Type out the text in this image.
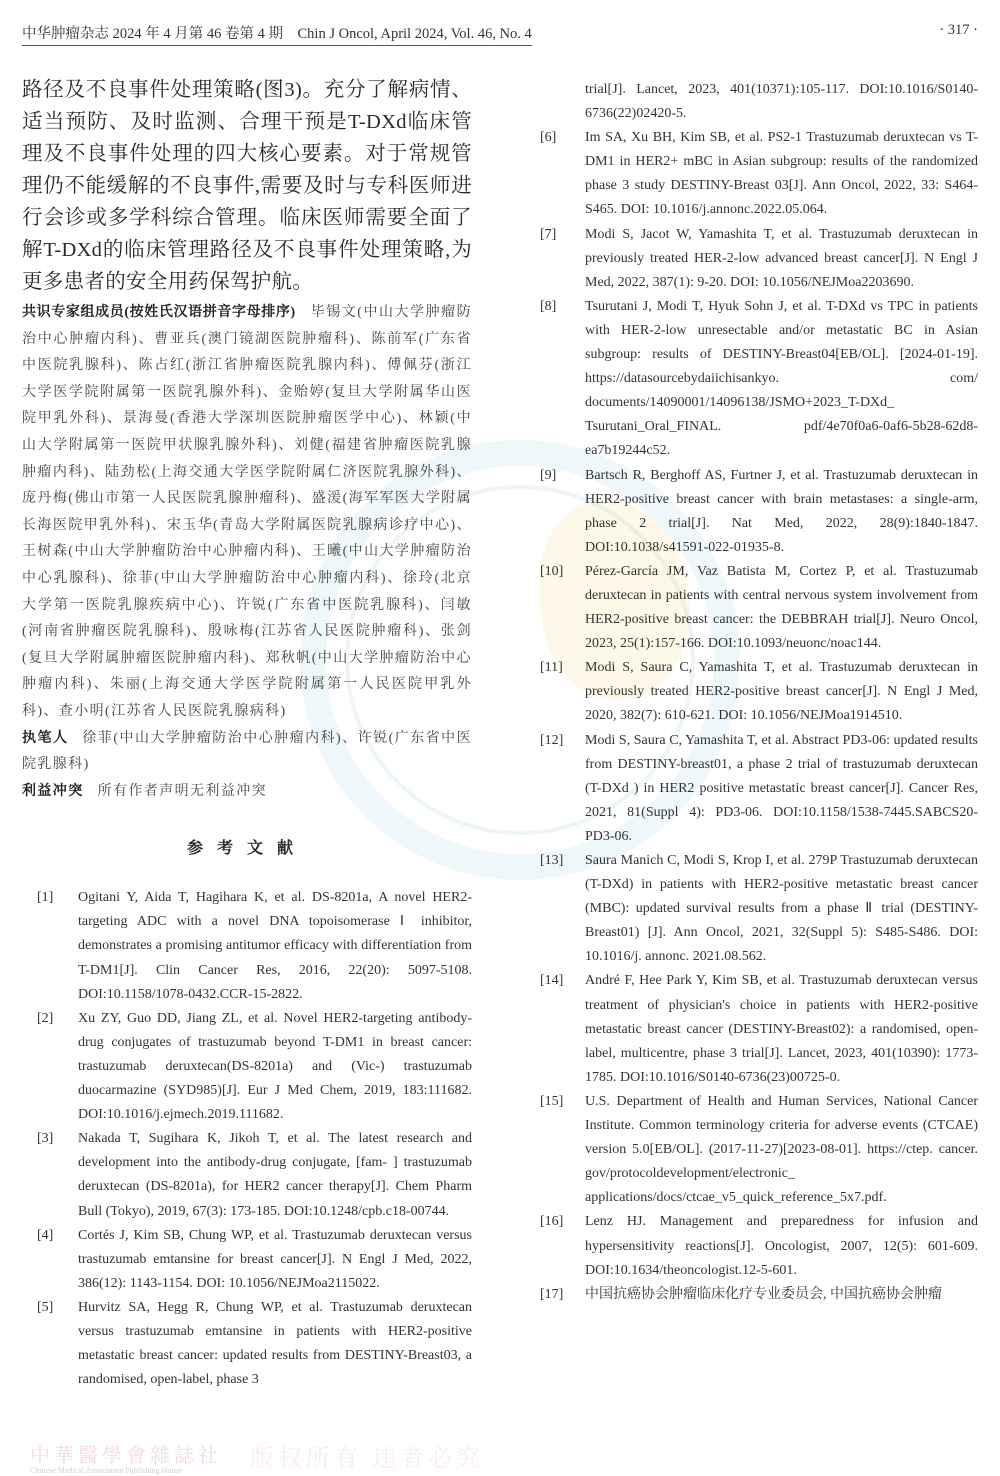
中华肿瘤杂志 2024 年 4 月第 46 卷第 4 期　Chin J Oncol, April 2024, Vol. 46, No. 4	· 317 ·

路径及不良事件处理策略(图3)。充分了解病情、适当预防、及时监测、合理干预是T-DXd临床管理及不良事件处理的四大核心要素。对于常规管理仍不能缓解的不良事件,需要及时与专科医师进行会诊或多学科综合管理。临床医师需要全面了解T-DXd的临床管理路径及不良事件处理策略,为更多患者的安全用药保驾护航。

共识专家组成员(按姓氏汉语拼音字母排序) 毕锡文(中山大学肿瘤防治中心肿瘤内科)、曹亚兵(澳门镜湖医院肿瘤科)、陈前军(广东省中医院乳腺科)、陈占红(浙江省肿瘤医院乳腺内科)、傅佩芬(浙江大学医学院附属第一医院乳腺外科)、金贻婷(复旦大学附属华山医院甲乳外科)、景海曼(香港大学深圳医院肿瘤医学中心)、林颖(中山大学附属第一医院甲状腺乳腺外科)、刘健(福建省肿瘤医院乳腺肿瘤内科)、陆劲松(上海交通大学医学院附属仁济医院乳腺外科)、庞丹梅(佛山市第一人民医院乳腺肿瘤科)、盛湲(海军军医大学附属长海医院甲乳外科)、宋玉华(青岛大学附属医院乳腺病诊疗中心)、王树森(中山大学肿瘤防治中心肿瘤内科)、王曦(中山大学肿瘤防治中心乳腺科)、徐菲(中山大学肿瘤防治中心肿瘤内科)、徐玲(北京大学第一医院乳腺疾病中心)、许锐(广东省中医院乳腺科)、闫敏(河南省肿瘤医院乳腺科)、殷咏梅(江苏省人民医院肿瘤科)、张剑(复旦大学附属肿瘤医院肿瘤内科)、郑秋帆(中山大学肿瘤防治中心肿瘤内科)、朱丽(上海交通大学医学院附属第一人民医院甲乳外科)、查小明(江苏省人民医院乳腺病科)

执笔人 徐菲(中山大学肿瘤防治中心肿瘤内科)、许锐(广东省中医院乳腺科)

利益冲突 所有作者声明无利益冲突

参考文献
[1]	Ogitani Y, Aida T, Hagihara K, et al. DS-8201a, A novel HER2-targeting ADC with a novel DNA topoisomerase Ⅰ inhibitor, demonstrates a promising antitumor efficacy with differentiation from T-DM1[J]. Clin Cancer Res, 2016, 22(20): 5097-5108. DOI:10.1158/1078-0432.CCR-15-2822.
[2]	Xu ZY, Guo DD, Jiang ZL, et al. Novel HER2-targeting antibody-drug conjugates of trastuzumab beyond T-DM1 in breast cancer: trastuzumab deruxtecan(DS-8201a) and (Vic-) trastuzumab duocarmazine (SYD985)[J]. Eur J Med Chem, 2019, 183:111682. DOI:10.1016/j.ejmech.2019.111682.
[3]	Nakada T, Sugihara K, Jikoh T, et al. The latest research and development into the antibody-drug conjugate, [fam- ] trastuzumab deruxtecan (DS-8201a), for HER2 cancer therapy[J]. Chem Pharm Bull (Tokyo), 2019, 67(3): 173-185. DOI:10.1248/cpb.c18-00744.
[4]	Cortés J, Kim SB, Chung WP, et al. Trastuzumab deruxtecan versus trastuzumab emtansine for breast cancer[J]. N Engl J Med, 2022, 386(12): 1143-1154. DOI: 10.1056/NEJMoa2115022.
[5]	Hurvitz SA, Hegg R, Chung WP, et al. Trastuzumab deruxtecan versus trastuzumab emtansine in patients with HER2-positive metastatic breast cancer: updated results from DESTINY-Breast03, a randomised, open-label, phase 3
trial[J]. Lancet, 2023, 401(10371):105-117. DOI:10.1016/S0140-6736(22)02420-5.
[6]	Im SA, Xu BH, Kim SB, et al. PS2-1 Trastuzumab deruxtecan vs T-DM1 in HER2+ mBC in Asian subgroup: results of the randomized phase 3 study DESTINY-Breast 03[J]. Ann Oncol, 2022, 33: S464-S465. DOI: 10.1016/j.annonc.2022.05.064.
[7]	Modi S, Jacot W, Yamashita T, et al. Trastuzumab deruxtecan in previously treated HER-2-low advanced breast cancer[J]. N Engl J Med, 2022, 387(1): 9-20. DOI: 10.1056/NEJMoa2203690.
[8]	Tsurutani J, Modi T, Hyuk Sohn J, et al. T-DXd vs TPC in patients with HER-2-low unresectable and/or metastatic BC in Asian subgroup: results of DESTINY-Breast04[EB/OL]. [2024-01-19]. https://datasourcebydaiichisankyo. com/ documents/14090001/14096138/JSMO+2023_T-DXd_ Tsurutani_Oral_FINAL. pdf/4e70f0a6-0af6-5b28-62d8-ea7b19244c52.
[9]	Bartsch R, Berghoff AS, Furtner J, et al. Trastuzumab deruxtecan in HER2-positive breast cancer with brain metastases: a single-arm, phase 2 trial[J]. Nat Med, 2022, 28(9):1840-1847. DOI:10.1038/s41591-022-01935-8.
[10]	Pérez-García JM, Vaz Batista M, Cortez P, et al. Trastuzumab deruxtecan in patients with central nervous system involvement from HER2-positive breast cancer: the DEBBRAH trial[J]. Neuro Oncol, 2023, 25(1):157-166. DOI:10.1093/neuonc/noac144.
[11]	Modi S, Saura C, Yamashita T, et al. Trastuzumab deruxtecan in previously treated HER2-positive breast cancer[J]. N Engl J Med, 2020, 382(7): 610-621. DOI: 10.1056/NEJMoa1914510.
[12]	Modi S, Saura C, Yamashita T, et al. Abstract PD3-06: updated results from DESTINY-breast01, a phase 2 trial of trastuzumab deruxtecan (T-DXd ) in HER2 positive metastatic breast cancer[J]. Cancer Res, 2021, 81(Suppl 4): PD3-06. DOI:10.1158/1538-7445.SABCS20-PD3-06.
[13]	Saura Manich C, Modi S, Krop I, et al. 279P Trastuzumab deruxtecan (T-DXd) in patients with HER2-positive metastatic breast cancer (MBC): updated survival results from a phase Ⅱ trial (DESTINY-Breast01) [J]. Ann Oncol, 2021, 32(Suppl 5): S485-S486. DOI: 10.1016/j. annonc. 2021.08.562.
[14]	André F, Hee Park Y, Kim SB, et al. Trastuzumab deruxtecan versus treatment of physician's choice in patients with HER2-positive metastatic breast cancer (DESTINY-Breast02): a randomised, open-label, multicentre, phase 3 trial[J]. Lancet, 2023, 401(10390): 1773-1785. DOI:10.1016/S0140-6736(23)00725-0.
[15]	U.S. Department of Health and Human Services, National Cancer Institute. Common terminology criteria for adverse events (CTCAE) version 5.0[EB/OL]. (2017-11-27)[2023-08-01]. https://ctep. cancer. gov/protocoldevelopment/electronic_ applications/docs/ctcae_v5_quick_reference_5x7.pdf.
[16]	Lenz HJ. Management and preparedness for infusion and hypersensitivity reactions[J]. Oncologist, 2007, 12(5): 601-609. DOI:10.1634/theoncologist.12-5-601.
[17]	中国抗癌协会肿瘤临床化疗专业委员会, 中国抗癌协会肿瘤
中華醫學會雜誌社
Chinese Medical Association Publishing House	版权所有 违者必究
